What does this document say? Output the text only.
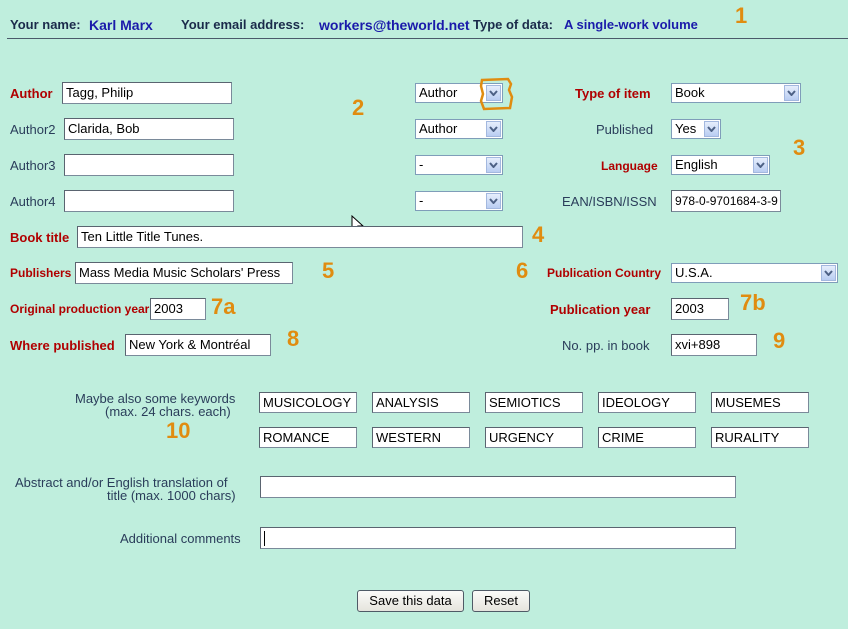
Your name: Karl Marx Your email address: workers@theworld.net Type of data: A single-work volume 1
Author	Tagg, Philip	Author
2
Author2 Clarida, Bob	Author
Author3	-
Author4	-
Type of item	Book
Published	Yes
3
Language	English
EAN/ISBN/ISSN	978-0-9701684-3-9
Book title Ten Little Title Tunes.	4
Publishers Mass Media Music Scholars' Press	5	6 Publication Country	U.S.A.
Original production year 2003	7a	Publication year	2003	7b
Where published	New York & Montréal	8	No. pp. in book	xvi+898	9
Maybe also some keywords
(max. 24 chars. each)
10
MUSICOLOGY	ANALYSIS	SEMIOTICS	IDEOLOGY	MUSEMES
ROMANCE	WESTERN	URGENCY	CRIME	RURALITY
Abstract and/or English translation of
title (max. 1000 chars)
Additional comments
Save this data	Reset
